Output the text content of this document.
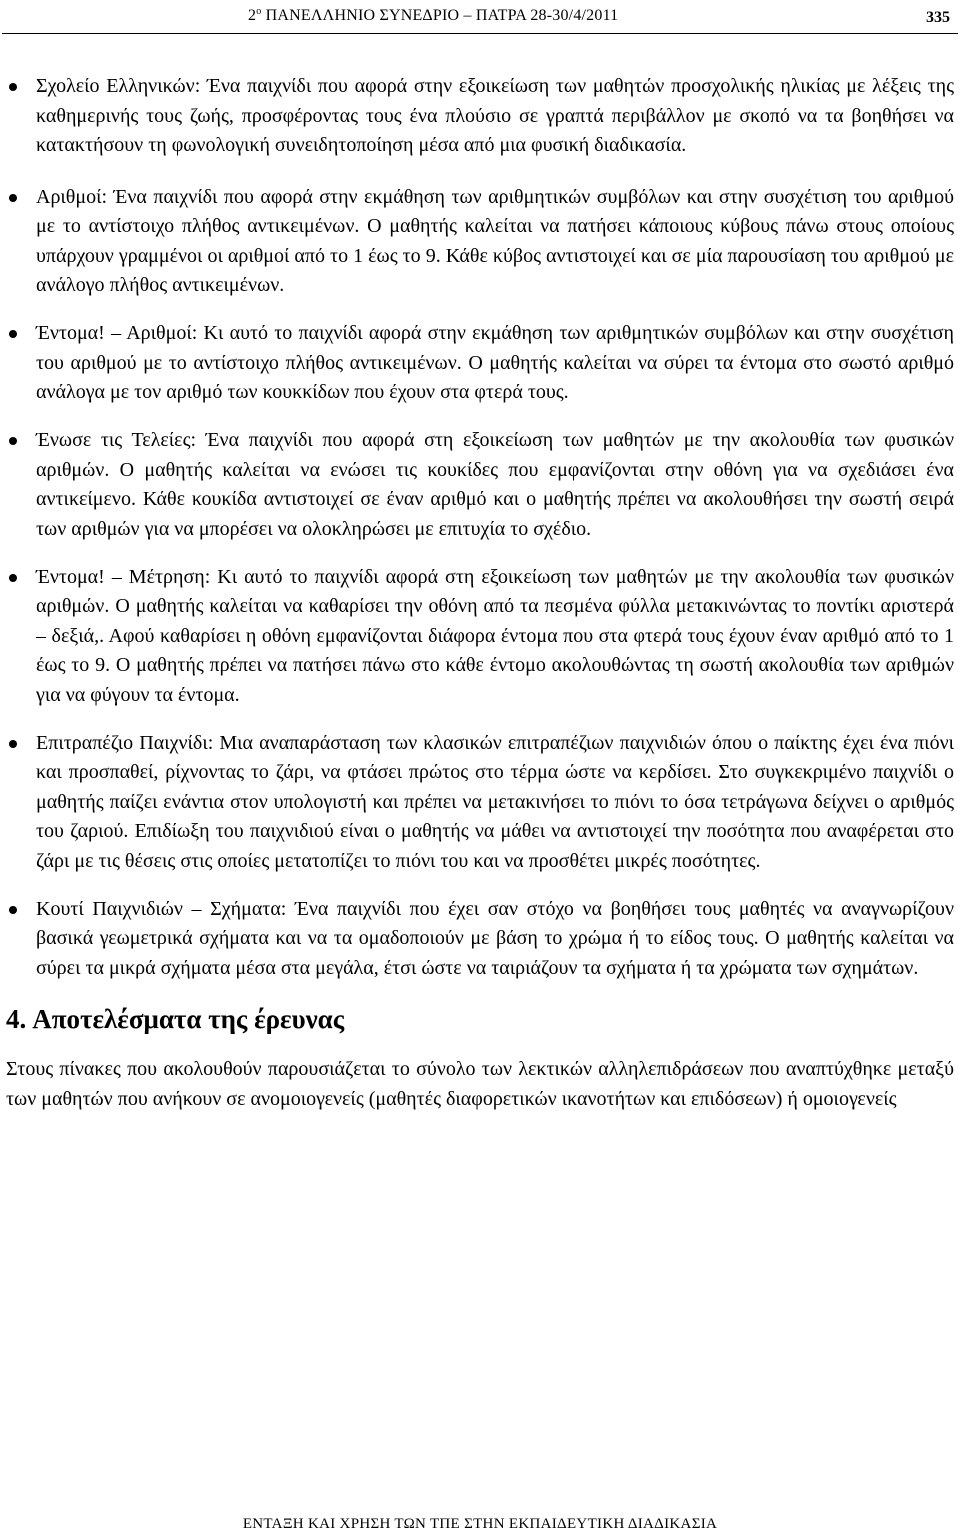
$2^o$ ΠΑΝΕΛΛΗΝΙΟ ΣΥΝΕΔΡΙΟ – ΠΑΤΡΑ 28-30/4/2011	335
Σχολείο Ελληνικών: Ένα παιχνίδι που αφορά στην εξοικείωση των μαθητών προσχολικής ηλικίας με λέξεις της καθημερινής τους ζωής, προσφέροντας τους ένα πλούσιο σε γραπτά περιβάλλον με σκοπό να τα βοηθήσει να κατακτήσουν τη φωνολογική συνειδητοποίηση μέσα από μια φυσική διαδικασία.
Αριθμοί: Ένα παιχνίδι που αφορά στην εκμάθηση των αριθμητικών συμβόλων και στην συσχέτιση του αριθμού με το αντίστοιχο πλήθος αντικειμένων. Ο μαθητής καλείται να πατήσει κάποιους κύβους πάνω στους οποίους υπάρχουν γραμμένοι οι αριθμοί από το 1 έως το 9. Κάθε κύβος αντιστοιχεί και σε μία παρουσίαση του αριθμού με ανάλογο πλήθος αντικειμένων.
Έντομα! – Αριθμοί: Κι αυτό το παιχνίδι αφορά στην εκμάθηση των αριθμητικών συμβόλων και στην συσχέτιση του αριθμού με το αντίστοιχο πλήθος αντικειμένων. Ο μαθητής καλείται να σύρει τα έντομα στο σωστό αριθμό ανάλογα με τον αριθμό των κουκκίδων που έχουν στα φτερά τους.
Ένωσε τις Τελείες: Ένα παιχνίδι που αφορά στη εξοικείωση των μαθητών με την ακολουθία των φυσικών αριθμών. Ο μαθητής καλείται να ενώσει τις κουκίδες που εμφανίζονται στην οθόνη για να σχεδιάσει ένα αντικείμενο. Κάθε κουκίδα αντιστοιχεί σε έναν αριθμό και ο μαθητής πρέπει να ακολουθήσει την σωστή σειρά των αριθμών για να μπορέσει να ολοκληρώσει με επιτυχία το σχέδιο.
Έντομα! – Μέτρηση: Κι αυτό το παιχνίδι αφορά στη εξοικείωση των μαθητών με την ακολουθία των φυσικών αριθμών. Ο μαθητής καλείται να καθαρίσει την οθόνη από τα πεσμένα φύλλα μετακινώντας το ποντίκι αριστερά – δεξιά,. Αφού καθαρίσει η οθόνη εμφανίζονται διάφορα έντομα που στα φτερά τους έχουν έναν αριθμό από το 1 έως το 9. Ο μαθητής πρέπει να πατήσει πάνω στο κάθε έντομο ακολουθώντας τη σωστή ακολουθία των αριθμών για να φύγουν τα έντομα.
Επιτραπέζιο Παιχνίδι: Μια αναπαράσταση των κλασικών επιτραπέζιων παιχνιδιών όπου ο παίκτης έχει ένα πιόνι και προσπαθεί, ρίχνοντας το ζάρι, να φτάσει πρώτος στο τέρμα ώστε να κερδίσει. Στο συγκεκριμένο παιχνίδι ο μαθητής παίζει ενάντια στον υπολογιστή και πρέπει να μετακινήσει το πιόνι το όσα τετράγωνα δείχνει ο αριθμός του ζαριού. Επιδίωξη του παιχνιδιού είναι ο μαθητής να μάθει να αντιστοιχεί την ποσότητα που αναφέρεται στο ζάρι με τις θέσεις στις οποίες μετατοπίζει το πιόνι του και να προσθέτει μικρές ποσότητες.
Κουτί Παιχνιδιών – Σχήματα: Ένα παιχνίδι που έχει σαν στόχο να βοηθήσει τους μαθητές να αναγνωρίζουν βασικά γεωμετρικά σχήματα και να τα ομαδοποιούν με βάση το χρώμα ή το είδος τους. Ο μαθητής καλείται να σύρει τα μικρά σχήματα μέσα στα μεγάλα, έτσι ώστε να ταιριάζουν τα σχήματα ή τα χρώματα των σχημάτων.
4. Αποτελέσματα της έρευνας
Στους πίνακες που ακολουθούν παρουσιάζεται το σύνολο των λεκτικών αλληλεπιδράσεων που αναπτύχθηκε μεταξύ των μαθητών που ανήκουν σε ανομοιογενείς (μαθητές διαφορετικών ικανοτήτων και επιδόσεων) ή ομοιογενείς
ΕΝΤΑΞΗ ΚΑΙ ΧΡΗΣΗ ΤΩΝ ΤΠΕ ΣΤΗΝ ΕΚΠΑΙΔΕΥΤΙΚΗ ΔΙΑΔΙΚΑΣΙΑ
